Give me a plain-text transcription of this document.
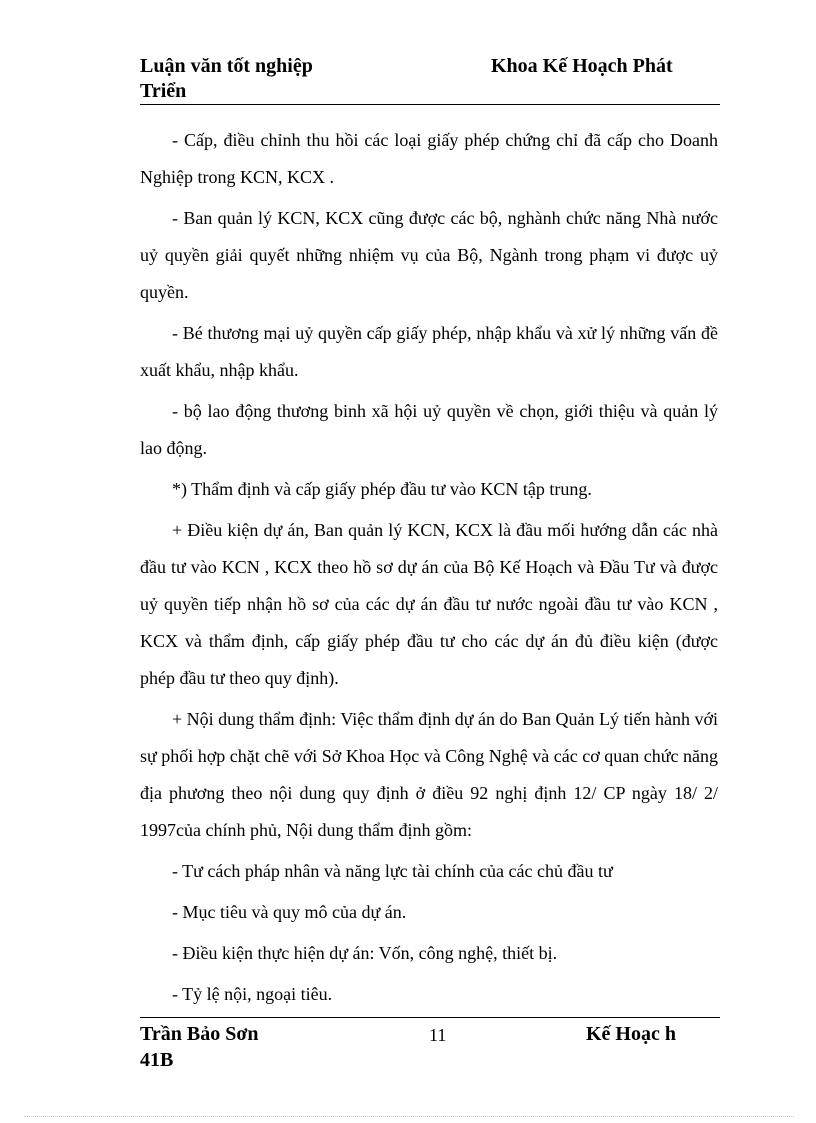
Luận văn tốt nghiệp
Triển
Khoa Kế Hoạch Phát

- Cấp, điều chỉnh thu hồi các loại giấy phép chứng chỉ đã cấp cho Doanh Nghiệp trong KCN, KCX .

- Ban quản lý KCN, KCX cũng được các bộ, nghành chức năng Nhà nước uỷ quyền giải quyết những nhiệm vụ của Bộ, Ngành trong phạm vi được uỷ quyền.

- Bé thương mại uỷ quyền cấp giấy phép, nhập khẩu và xử lý những vấn đề xuất khẩu, nhập khẩu.

- bộ lao động thương binh xã hội uỷ quyền về chọn, giới thiệu và quản lý lao động.

*) Thẩm định và cấp giấy phép đầu tư vào KCN tập trung.

+ Điều kiện dự án, Ban quản lý KCN, KCX là đầu mối hướng dẫn các nhà đầu tư vào KCN , KCX theo hồ sơ dự án của Bộ Kế Hoạch và Đầu Tư và được uỷ quyền tiếp nhận hồ sơ của các dự án đầu tư nước ngoài đầu tư vào KCN , KCX và thẩm định, cấp giấy phép đầu tư cho các dự án đủ điều kiện (được phép đầu tư theo quy định).

+ Nội dung thẩm định: Việc thẩm định dự án do Ban Quản Lý tiến hành với sự phối hợp chặt chẽ với Sở Khoa Học và Công Nghệ và các cơ quan chức năng địa phương theo nội dung quy định ở điều 92 nghị định 12/ CP ngày 18/ 2/ 1997của chính phủ, Nội dung thẩm định gồm:

- Tư cách pháp nhân và năng lực tài chính của các chủ đầu tư

- Mục tiêu và quy mô của dự án.

- Điều kiện thực hiện dự án: Vốn, công nghệ, thiết bị.

- Tỷ lệ nội, ngoại tiêu.

Trần Bảo Sơn
41B
11	Kế Hoạc h
